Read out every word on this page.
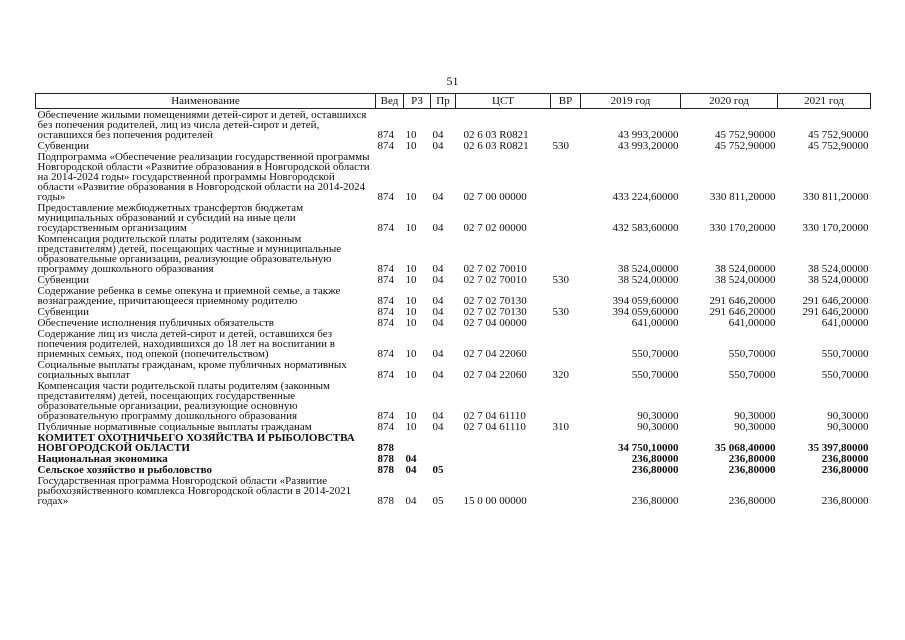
51
Наименование	Вед	РЗ	Пр	ЦСТ	ВР	2019 год	2020 год	2021 год
Обеспечение жилыми помещениями детей-сирот и детей, оставшихся без попечения родителей, лиц из числа детей-сирот и детей, оставшихся без попечения родителей	874	10	04	02 6 03 R0821		43 993,20000	45 752,90000	45 752,90000
Субвенции	874	10	04	02 6 03 R0821	530	43 993,20000	45 752,90000	45 752,90000
Подпрограмма «Обеспечение реализации государственной программы Новгородской области «Развитие образования в Новгородской области на 2014-2024 годы» государственной программы Новгородской области «Развитие образования в Новгородской области на 2014-2024 годы»	874	10	04	02 7 00 00000		433 224,60000	330 811,20000	330 811,20000
Предоставление межбюджетных трансфертов бюджетам муниципальных образований и субсидий на иные цели государственным организациям	874	10	04	02 7 02 00000		432 583,60000	330 170,20000	330 170,20000
Компенсация родительской платы родителям (законным представителям) детей, посещающих частные и муниципальные образовательные организации, реализующие образовательную программу дошкольного образования	874	10	04	02 7 02 70010		38 524,00000	38 524,00000	38 524,00000
Субвенции	874	10	04	02 7 02 70010	530	38 524,00000	38 524,00000	38 524,00000
Содержание ребенка в семье опекуна и приемной семье, а также вознаграждение, причитающееся приемному родителю	874	10	04	02 7 02 70130		394 059,60000	291 646,20000	291 646,20000
Субвенции	874	10	04	02 7 02 70130	530	394 059,60000	291 646,20000	291 646,20000
Обеспечение исполнения публичных обязательств	874	10	04	02 7 04 00000		641,00000	641,00000	641,00000
Содержание лиц из числа детей-сирот и детей, оставшихся без попечения родителей, находившихся до 18 лет на воспитании в приемных семьях, под опекой (попечительством)	874	10	04	02 7 04 22060		550,70000	550,70000	550,70000
Социальные выплаты гражданам, кроме публичных нормативных социальных выплат	874	10	04	02 7 04 22060	320	550,70000	550,70000	550,70000
Компенсация части родительской платы родителям (законным представителям) детей, посещающих государственные образовательные организации, реализующие основную образовательную программу дошкольного образования	874	10	04	02 7 04 61110		90,30000	90,30000	90,30000
Публичные нормативные социальные выплаты гражданам	874	10	04	02 7 04 61110	310	90,30000	90,30000	90,30000
КОМИТЕТ ОХОТНИЧЬЕГО ХОЗЯЙСТВА И РЫБОЛОВСТВА НОВГОРОДСКОЙ ОБЛАСТИ	878					34 750,10000	35 068,40000	35 397,80000
Национальная экономика	878	04				236,80000	236,80000	236,80000
Сельское хозяйство и рыболовство	878	04	05			236,80000	236,80000	236,80000
Государственная программа Новгородской области «Развитие рыбохозяйственного комплекса Новгородской области в 2014-2021 годах»	878	04	05	15 0 00 00000		236,80000	236,80000	236,80000
